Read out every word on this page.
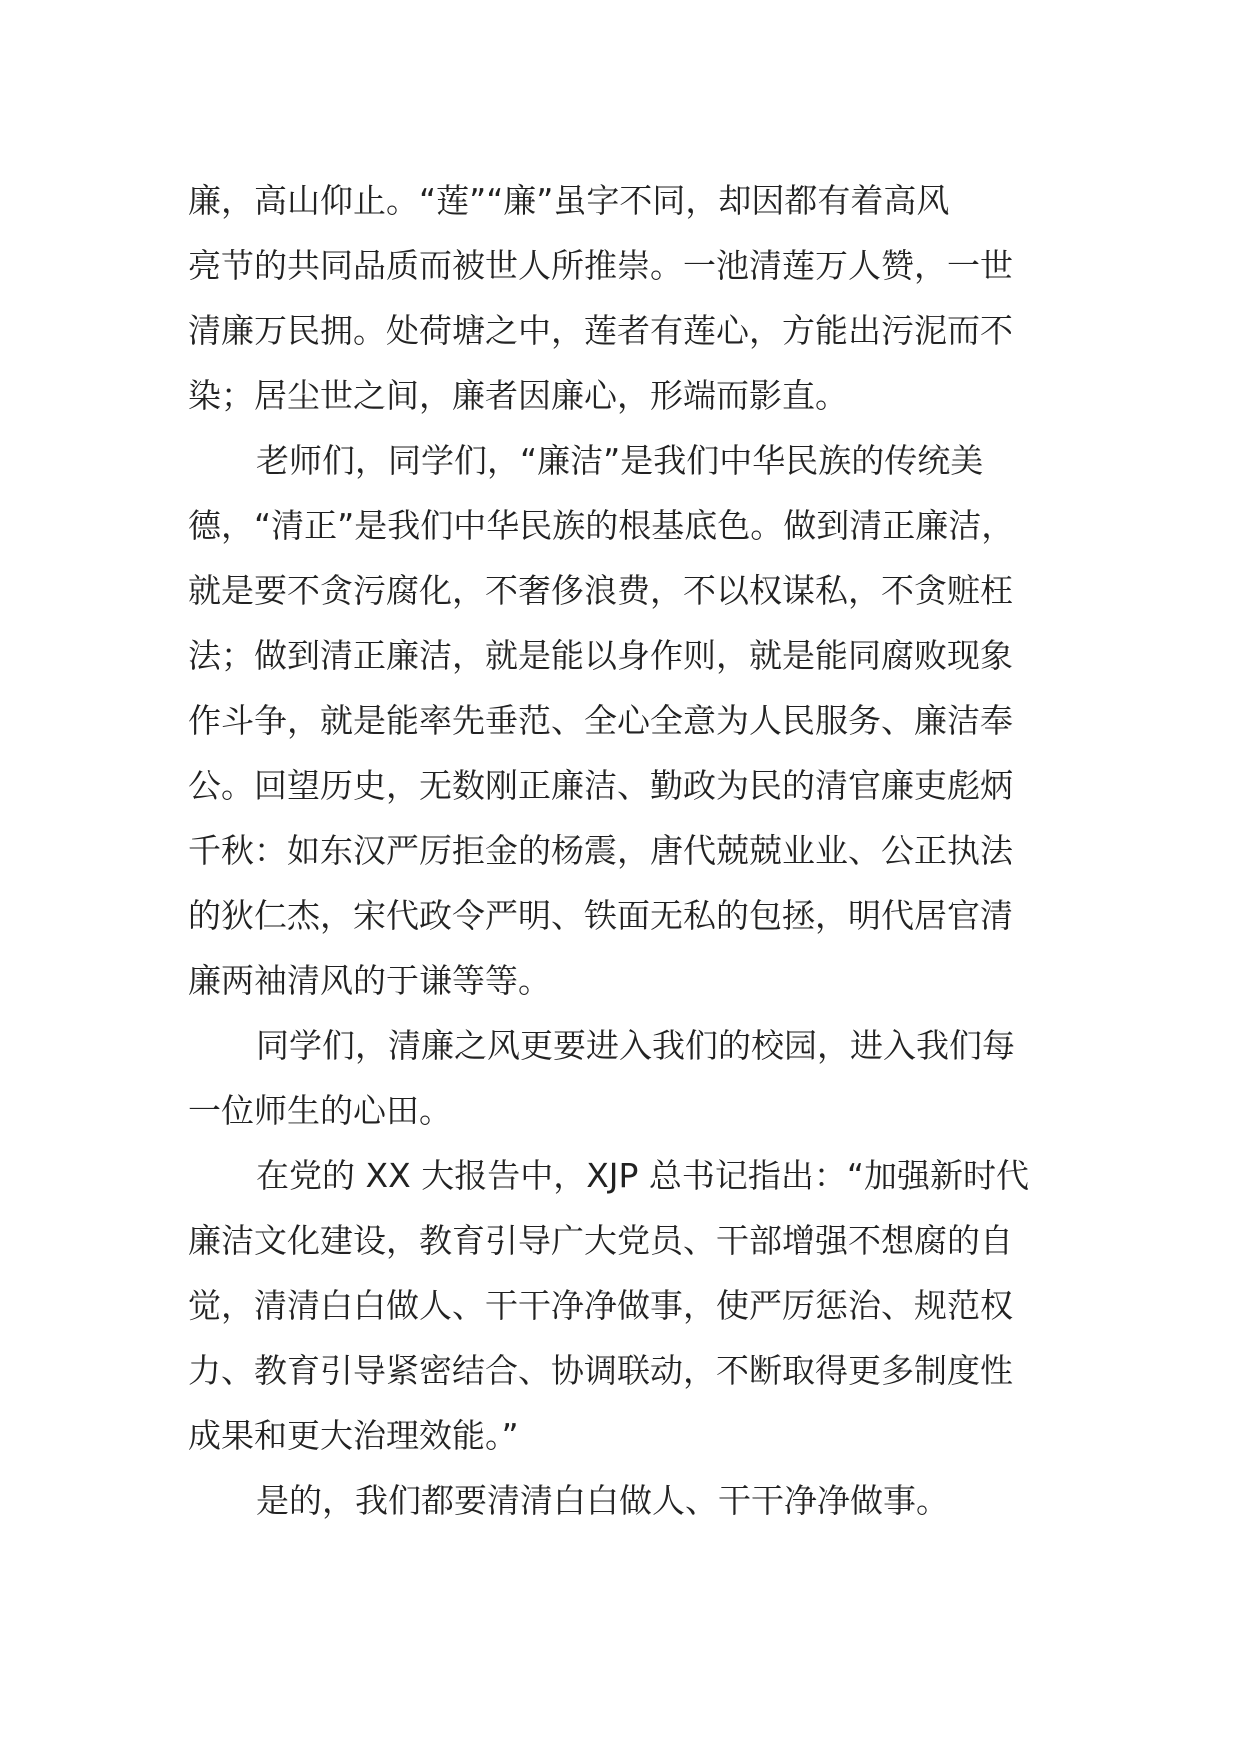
廉，高山仰止。“莲”“廉”虽字不同，却因都有着高风
亮节的共同品质而被世人所推崇。一池清莲万人赞，一世
清廉万民拥。处荷塘之中，莲者有莲心，方能出污泥而不
染；居尘世之间，廉者因廉心，形端而影直。
老师们，同学们，“廉洁”是我们中华民族的传统美
德，“清正”是我们中华民族的根基底色。做到清正廉洁，
就是要不贪污腐化，不奢侈浪费，不以权谋私，不贪赃枉
法；做到清正廉洁，就是能以身作则，就是能同腐败现象
作斗争，就是能率先垂范、全心全意为人民服务、廉洁奉
公。回望历史，无数刚正廉洁、勤政为民的清官廉吏彪炳
千秋：如东汉严厉拒金的杨震，唐代兢兢业业、公正执法
的狄仁杰，宋代政令严明、铁面无私的包拯，明代居官清
廉两袖清风的于谦等等。
同学们，清廉之风更要进入我们的校园，进入我们每
一位师生的心田。
在党的 XX 大报告中，XJP 总书记指出：“加强新时代
廉洁文化建设，教育引导广大党员、干部增强不想腐的自
觉，清清白白做人、干干净净做事，使严厉惩治、规范权
力、教育引导紧密结合、协调联动，不断取得更多制度性
成果和更大治理效能。”
是的，我们都要清清白白做人、干干净净做事。
